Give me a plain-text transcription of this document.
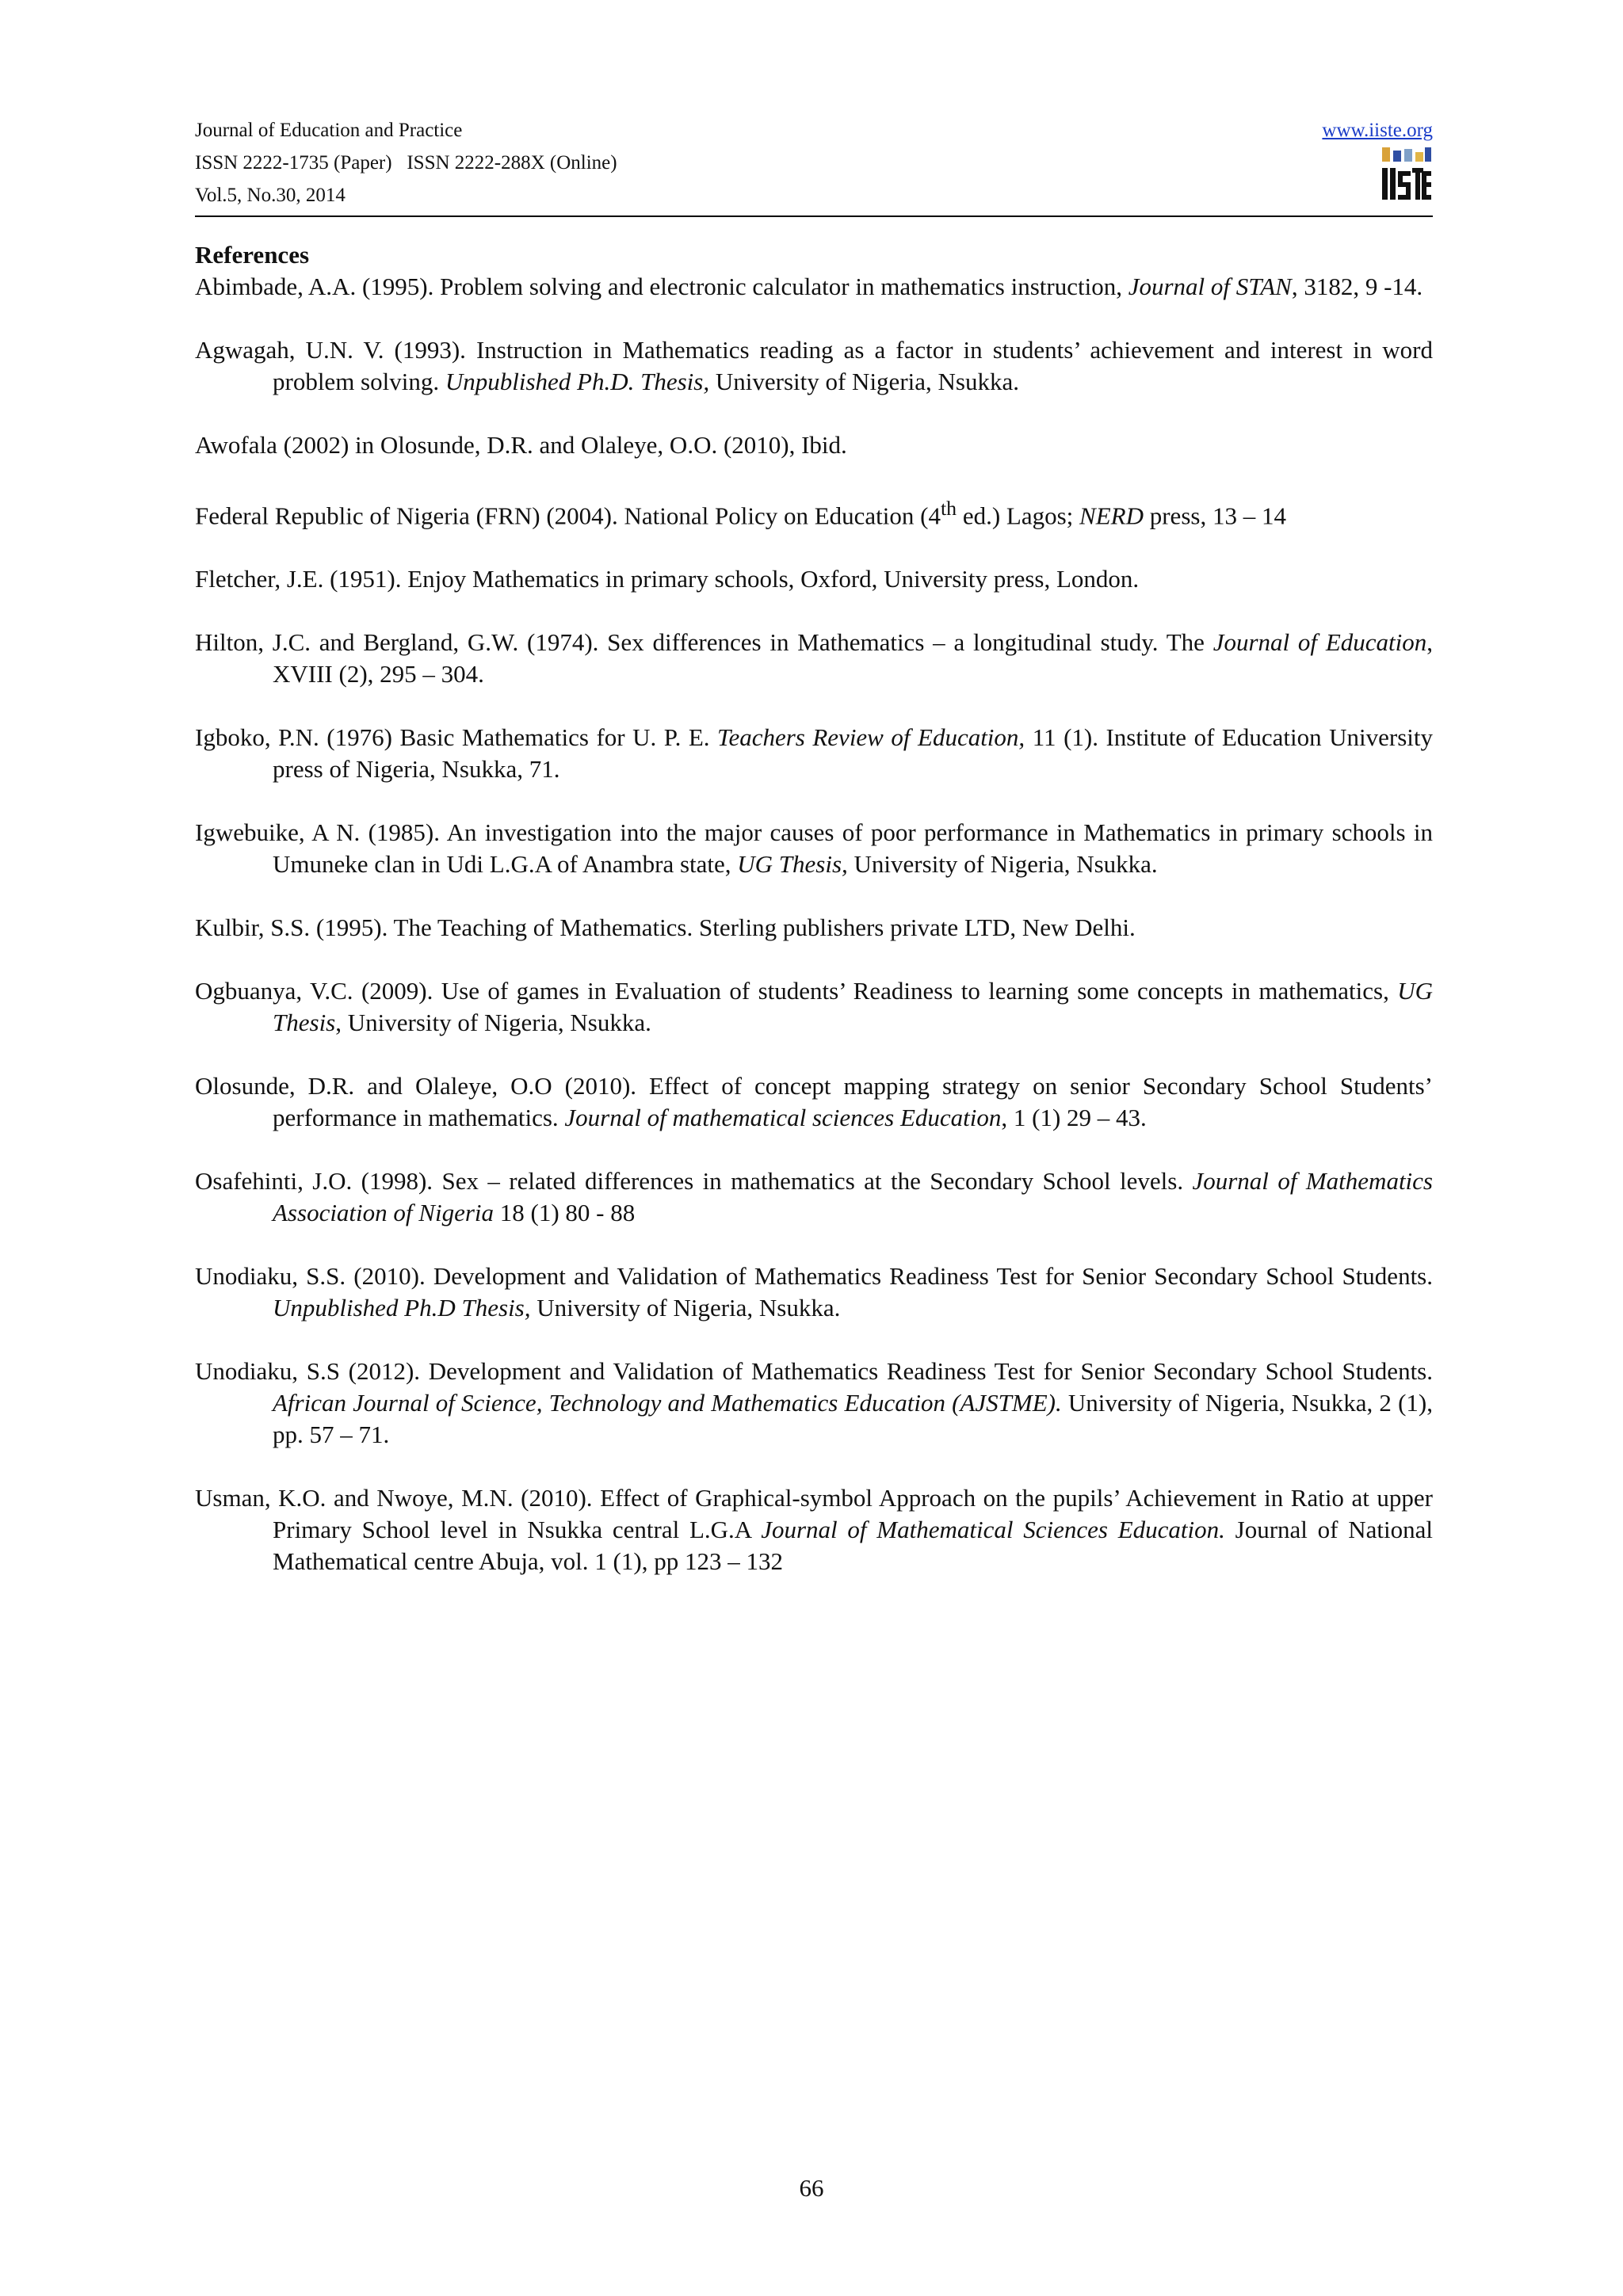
Journal of Education and Practice
ISSN 2222-1735 (Paper)   ISSN 2222-288X (Online)
Vol.5, No.30, 2014
www.iiste.org
References

Abimbade, A.A. (1995). Problem solving and electronic calculator in mathematics instruction, Journal of STAN, 3182, 9 -14.

Agwagah, U.N. V. (1993). Instruction in Mathematics reading as a factor in students’ achievement and interest in word problem solving. Unpublished Ph.D. Thesis, University of Nigeria, Nsukka.

Awofala (2002) in Olosunde, D.R. and Olaleye, O.O. (2010), Ibid.

Federal Republic of Nigeria (FRN) (2004). National Policy on Education (4th ed.) Lagos; NERD press, 13 – 14

Fletcher, J.E. (1951). Enjoy Mathematics in primary schools, Oxford, University press, London.

Hilton, J.C. and Bergland, G.W. (1974). Sex differences in Mathematics – a longitudinal study. The Journal of Education, XVIII (2), 295 – 304.

Igboko, P.N. (1976) Basic Mathematics for U. P. E. Teachers Review of Education, 11 (1). Institute of Education University press of Nigeria, Nsukka, 71.

Igwebuike, A N. (1985). An investigation into the major causes of poor performance in Mathematics in primary schools in Umuneke clan in Udi L.G.A of Anambra state, UG Thesis, University of Nigeria, Nsukka.

Kulbir, S.S. (1995). The Teaching of Mathematics. Sterling publishers private LTD, New Delhi.

Ogbuanya, V.C. (2009). Use of games in Evaluation of students’ Readiness to learning some concepts in mathematics, UG Thesis, University of Nigeria, Nsukka.

Olosunde, D.R. and Olaleye, O.O (2010). Effect of concept mapping strategy on senior Secondary School Students’ performance in mathematics. Journal of mathematical sciences Education, 1 (1) 29 – 43.

Osafehinti, J.O. (1998). Sex – related differences in mathematics at the Secondary School levels. Journal of Mathematics Association of Nigeria 18 (1) 80 - 88

Unodiaku, S.S. (2010). Development and Validation of Mathematics Readiness Test for Senior Secondary School Students. Unpublished Ph.D Thesis, University of Nigeria, Nsukka.

Unodiaku, S.S (2012). Development and Validation of Mathematics Readiness Test for Senior Secondary School Students. African Journal of Science, Technology and Mathematics Education (AJSTME). University of Nigeria, Nsukka, 2 (1), pp. 57 – 71.

Usman, K.O. and Nwoye, M.N. (2010). Effect of Graphical-symbol Approach on the pupils’ Achievement in Ratio at upper Primary School level in Nsukka central L.G.A Journal of Mathematical Sciences Education. Journal of National Mathematical centre Abuja, vol. 1 (1), pp 123 – 132

66
